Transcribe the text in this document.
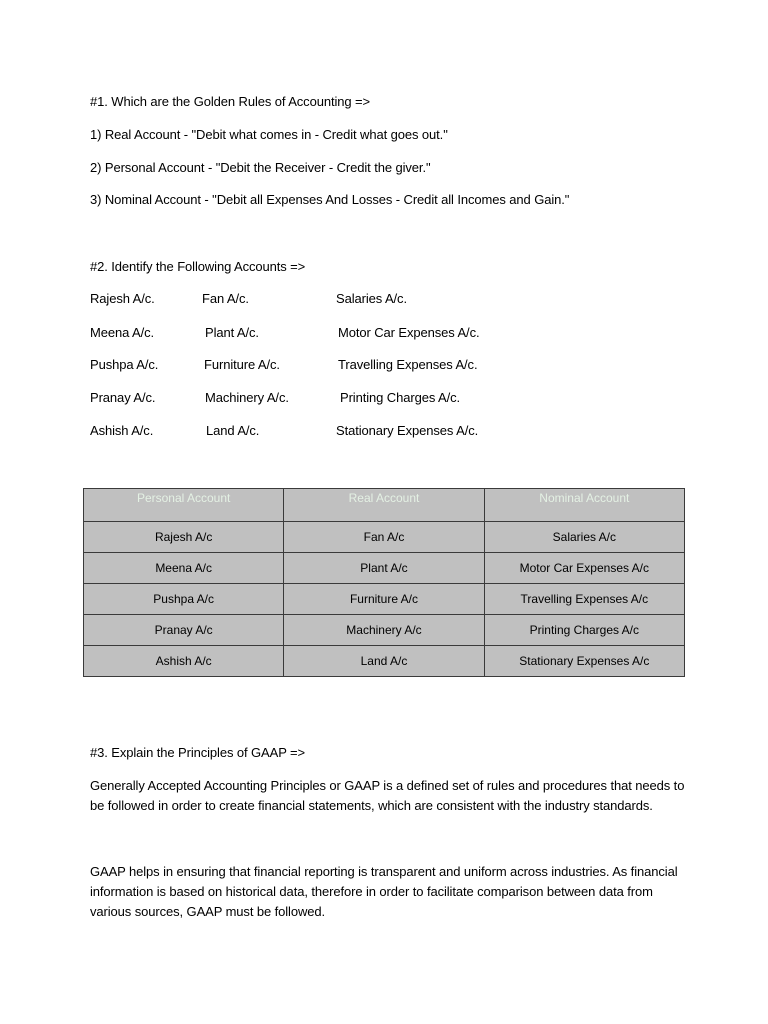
#1. Which are the Golden Rules of Accounting =>
1) Real Account - "Debit what comes in - Credit what goes out."
2) Personal Account - "Debit the Receiver - Credit the giver."
3) Nominal Account - "Debit all Expenses And Losses - Credit all Incomes and Gain."
#2. Identify the Following Accounts =>
Rajesh A/c.	Fan A/c.	Salaries A/c.
Meena A/c.	Plant A/c.	Motor Car Expenses A/c.
Pushpa A/c.	Furniture A/c.	Travelling Expenses A/c.
Pranay A/c.	Machinery A/c.	Printing Charges A/c.
Ashish A/c.	Land A/c.	Stationary Expenses A/c.
Personal Account	Real Account	Nominal Account
Rajesh A/c	Fan A/c	Salaries A/c
Meena A/c	Plant A/c	Motor Car Expenses A/c
Pushpa A/c	Furniture A/c	Travelling Expenses A/c
Pranay A/c	Machinery A/c	Printing Charges A/c
Ashish A/c	Land A/c	Stationary Expenses A/c
#3. Explain the Principles of GAAP =>
Generally Accepted Accounting Principles or GAAP is a defined set of rules and procedures that needs to be followed in order to create financial statements, which are consistent with the industry standards.
GAAP helps in ensuring that financial reporting is transparent and uniform across industries. As financial information is based on historical data, therefore in order to facilitate comparison between data from various sources, GAAP must be followed.
